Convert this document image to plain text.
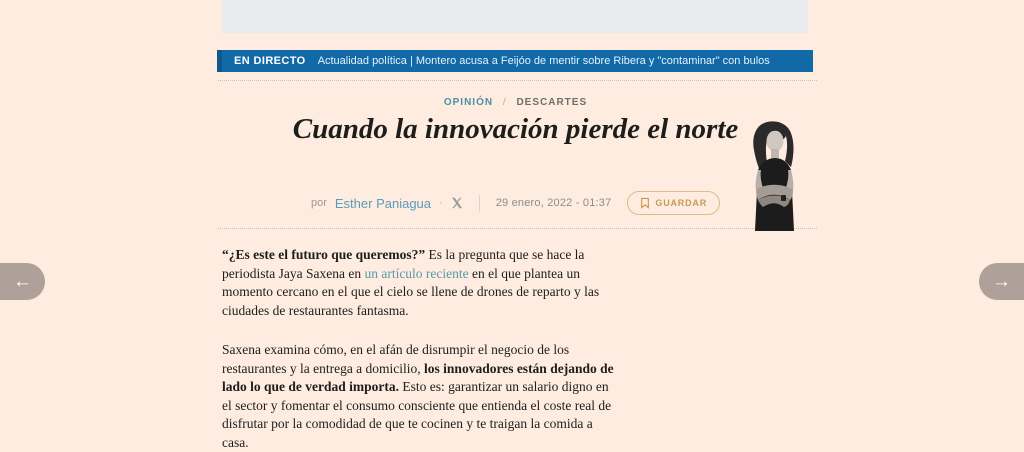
EN DIRECTO Actualidad política | Montero acusa a Feijóo de mentir sobre Ribera y "contaminar" con bulos
OPINIÓN / DESCARTES
Cuando la innovación pierde el norte
por Esther Paniagua ·	29 enero, 2022 - 01:37	GUARDAR

“¿Es este el futuro que queremos?” Es la pregunta que se hace la periodista Jaya Saxena en un artículo reciente en el que plantea un momento cercano en el que el cielo se llene de drones de reparto y las ciudades de restaurantes fantasma.

Saxena examina cómo, en el afán de disrumpir el negocio de los restaurantes y la entrega a domicilio, los innovadores están dejando de lado lo que de verdad importa. Esto es: garantizar un salario digno en el sector y fomentar el consumo consciente que entienda el coste real de disfrutar por la comodidad de que te cocinen y te traigan la comida a casa.

←	→
